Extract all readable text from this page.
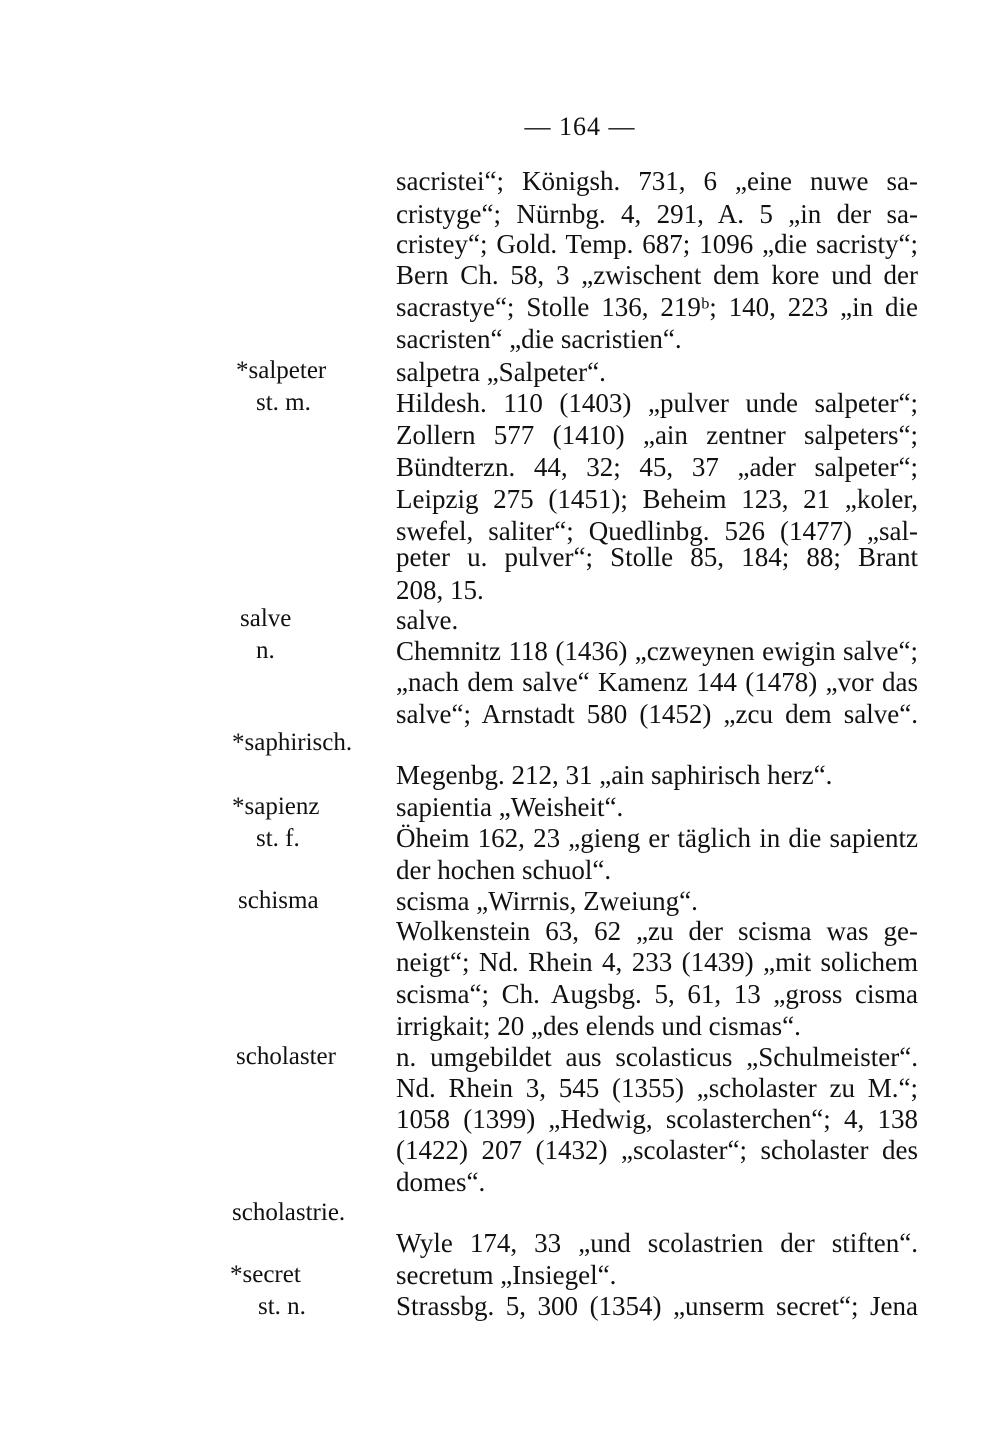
— 164 —
*salpeter
st. m.
salve
n.
*saphirisch.
*sapienz
st. f.
schisma
scholaster
scholastrie.
*secret
st. n.
sacristei“; Königsh. 731, 6 „eine nuwe sa-
cristyge“; Nürnbg. 4, 291, A. 5 „in der sa-
cristey“; Gold. Temp. 687; 1096 „die sacristy“;
Bern Ch. 58, 3 „zwischent dem kore und der
sacrastye“; Stolle 136, 219ᵇ; 140, 223 „in die
sacristen“ „die sacristien“.
salpetra „Salpeter“.
Hildesh. 110 (1403) „pulver unde salpeter“;
Zollern 577 (1410) „ain zentner salpeters“;
Bündterzn. 44, 32; 45, 37 „ader salpeter“;
Leipzig 275 (1451); Beheim 123, 21 „koler,
swefel, saliter“; Quedlinbg. 526 (1477) „sal-
peter u. pulver“; Stolle 85, 184; 88; Brant
208, 15.
salve.
Chemnitz 118 (1436) „czweynen ewigin salve“;
„nach dem salve“ Kamenz 144 (1478) „vor das
salve“; Arnstadt 580 (1452) „zcu dem salve“.
Megenbg. 212, 31 „ain saphirisch herz“.
sapientia „Weisheit“.
Öheim 162, 23 „gieng er täglich in die sapientz
der hochen schuol“.
scisma „Wirrnis, Zweiung“.
Wolkenstein 63, 62 „zu der scisma was ge-
neigt“; Nd. Rhein 4, 233 (1439) „mit solichem
scisma“; Ch. Augsbg. 5, 61, 13 „gross cisma
irrigkait; 20 „des elends und cismas“.
n. umgebildet aus scolasticus „Schulmeister“.
Nd. Rhein 3, 545 (1355) „scholaster zu M.“;
1058 (1399) „Hedwig, scolasterchen“; 4, 138
(1422) 207 (1432) „scolaster“; scholaster des
domes“.
Wyle 174, 33 „und scolastrien der stiften“.
secretum „Insiegel“.
Strassbg. 5, 300 (1354) „unserm secret“; Jena
